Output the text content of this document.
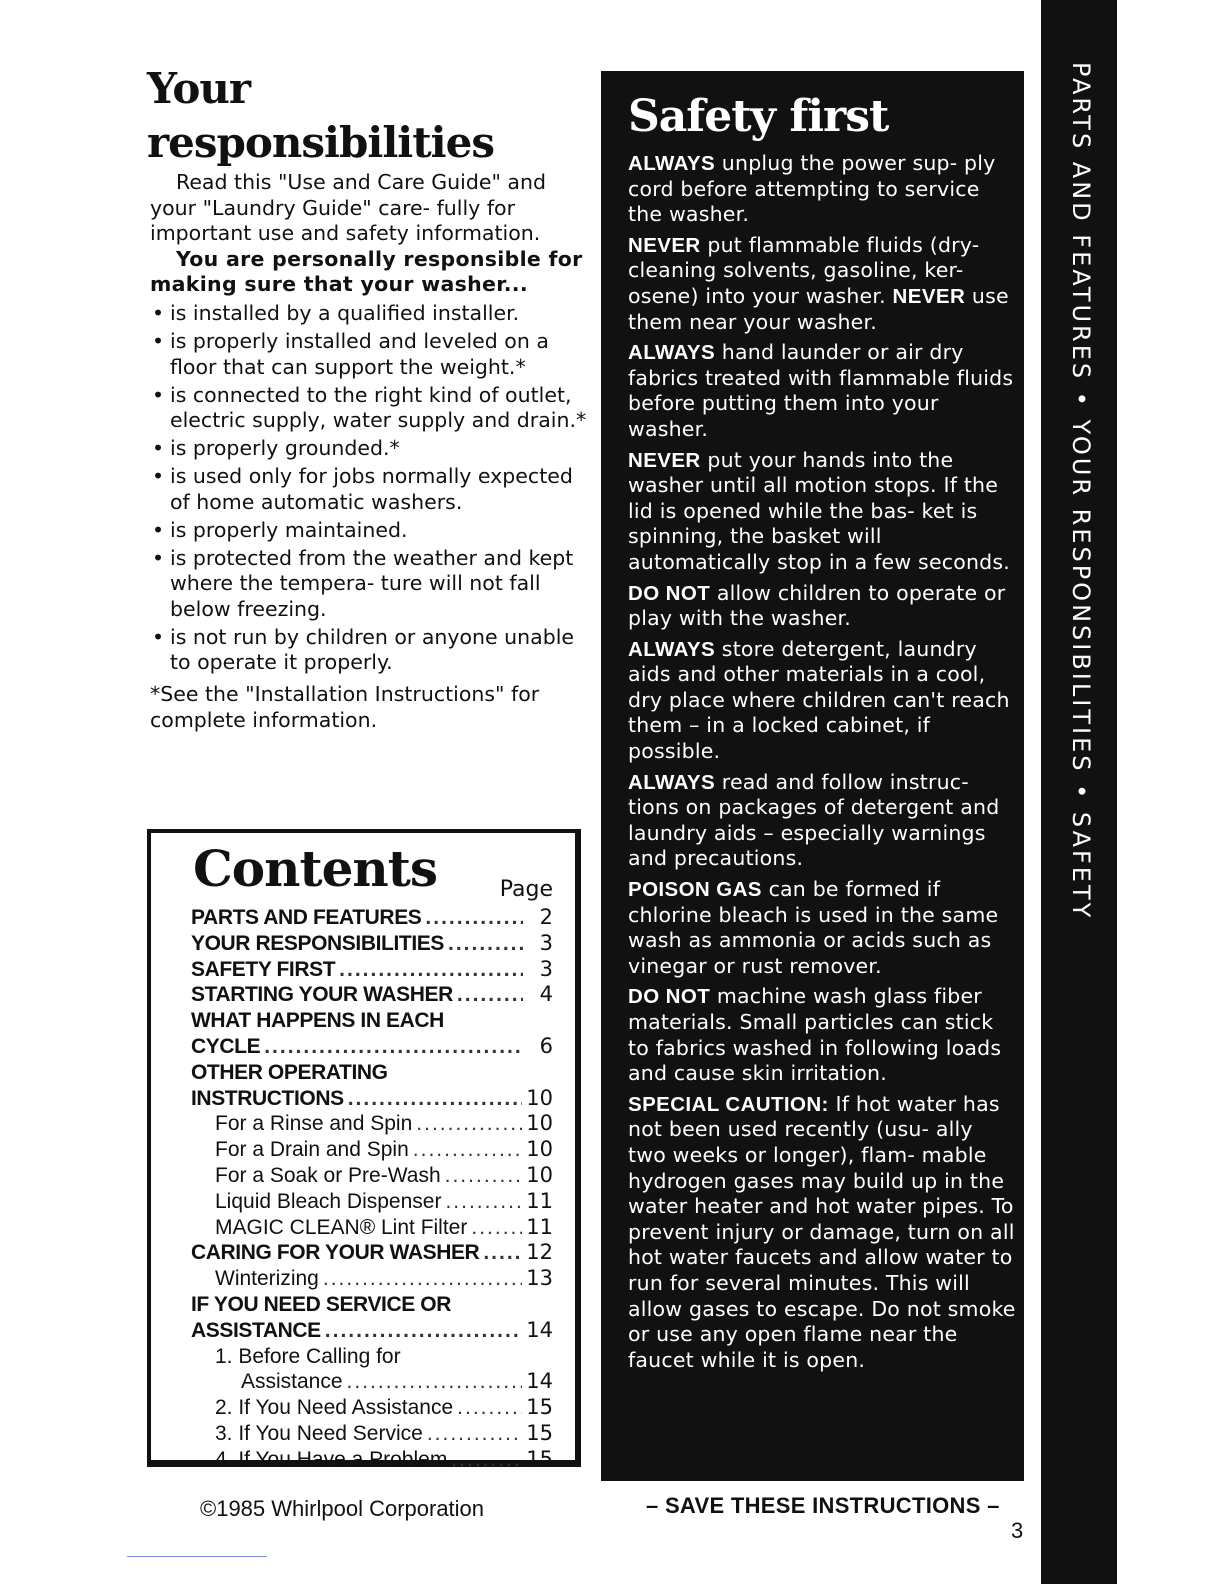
Your responsibilities

Read this "Use and Care Guide" and your "Laundry Guide" care- fully for important use and safety information.

You are personally responsible for making sure that your washer...

• is installed by a qualified installer.
• is properly installed and leveled on a floor that can support the weight.*
• is connected to the right kind of outlet, electric supply, water supply and drain.*
• is properly grounded.*
• is used only for jobs normally expected of home automatic washers.
• is properly maintained.
• is protected from the weather and kept where the tempera- ture will not fall below freezing.
• is not run by children or anyone unable to operate it properly.

*See the "Installation Instructions" for complete information.

Contents	Page
PARTS AND FEATURES .....	2
YOUR RESPONSIBILITIES .....	3
SAFETY FIRST .....	3
STARTING YOUR WASHER .....	4
WHAT HAPPENS IN EACH
CYCLE .....	6
OTHER OPERATING
INSTRUCTIONS .....	10
For a Rinse and Spin .....	10
For a Drain and Spin .....	10
For a Soak or Pre-Wash .....	10
Liquid Bleach Dispenser .....	11
MAGIC CLEAN® Lint Filter .....	11
CARING FOR YOUR WASHER ..... 12
Winterizing .....	13
IF YOU NEED SERVICE OR
ASSISTANCE .....	14
1. Before Calling for
Assistance .....	14
2. If You Need Assistance .....	15
3. If You Need Service .....	15
4. If You Have a Problem .....	15
Safety first

ALWAYS unplug the power sup- ply cord before attempting to service the washer.

NEVER put flammable fluids (dry- cleaning solvents, gasoline, ker- osene) into your washer. NEVER use them near your washer.

ALWAYS hand launder or air dry fabrics treated with flammable fluids before putting them into your washer.

NEVER put your hands into the washer until all motion stops. If the lid is opened while the bas- ket is spinning, the basket will automatically stop in a few seconds.

DO NOT allow children to operate or play with the washer.

ALWAYS store detergent, laundry aids and other materials in a cool, dry place where children can't reach them – in a locked cabinet, if possible.

ALWAYS read and follow instruc- tions on packages of detergent and laundry aids – especially warnings and precautions.

POISON GAS can be formed if chlorine bleach is used in the same wash as ammonia or acids such as vinegar or rust remover.

DO NOT machine wash glass fiber materials. Small particles can stick to fabrics washed in following loads and cause skin irritation.

SPECIAL CAUTION: If hot water has not been used recently (usu- ally two weeks or longer), flam- mable hydrogen gases may build up in the water heater and hot water pipes. To prevent injury or damage, turn on all hot water faucets and allow water to run for several minutes. This will allow gases to escape. Do not smoke or use any open flame near the faucet while it is open.

PARTS AND FEATURES • YOUR RESPONSIBILITIES • SAFETY
©1985 Whirlpool Corporation	– SAVE THESE INSTRUCTIONS –
3
